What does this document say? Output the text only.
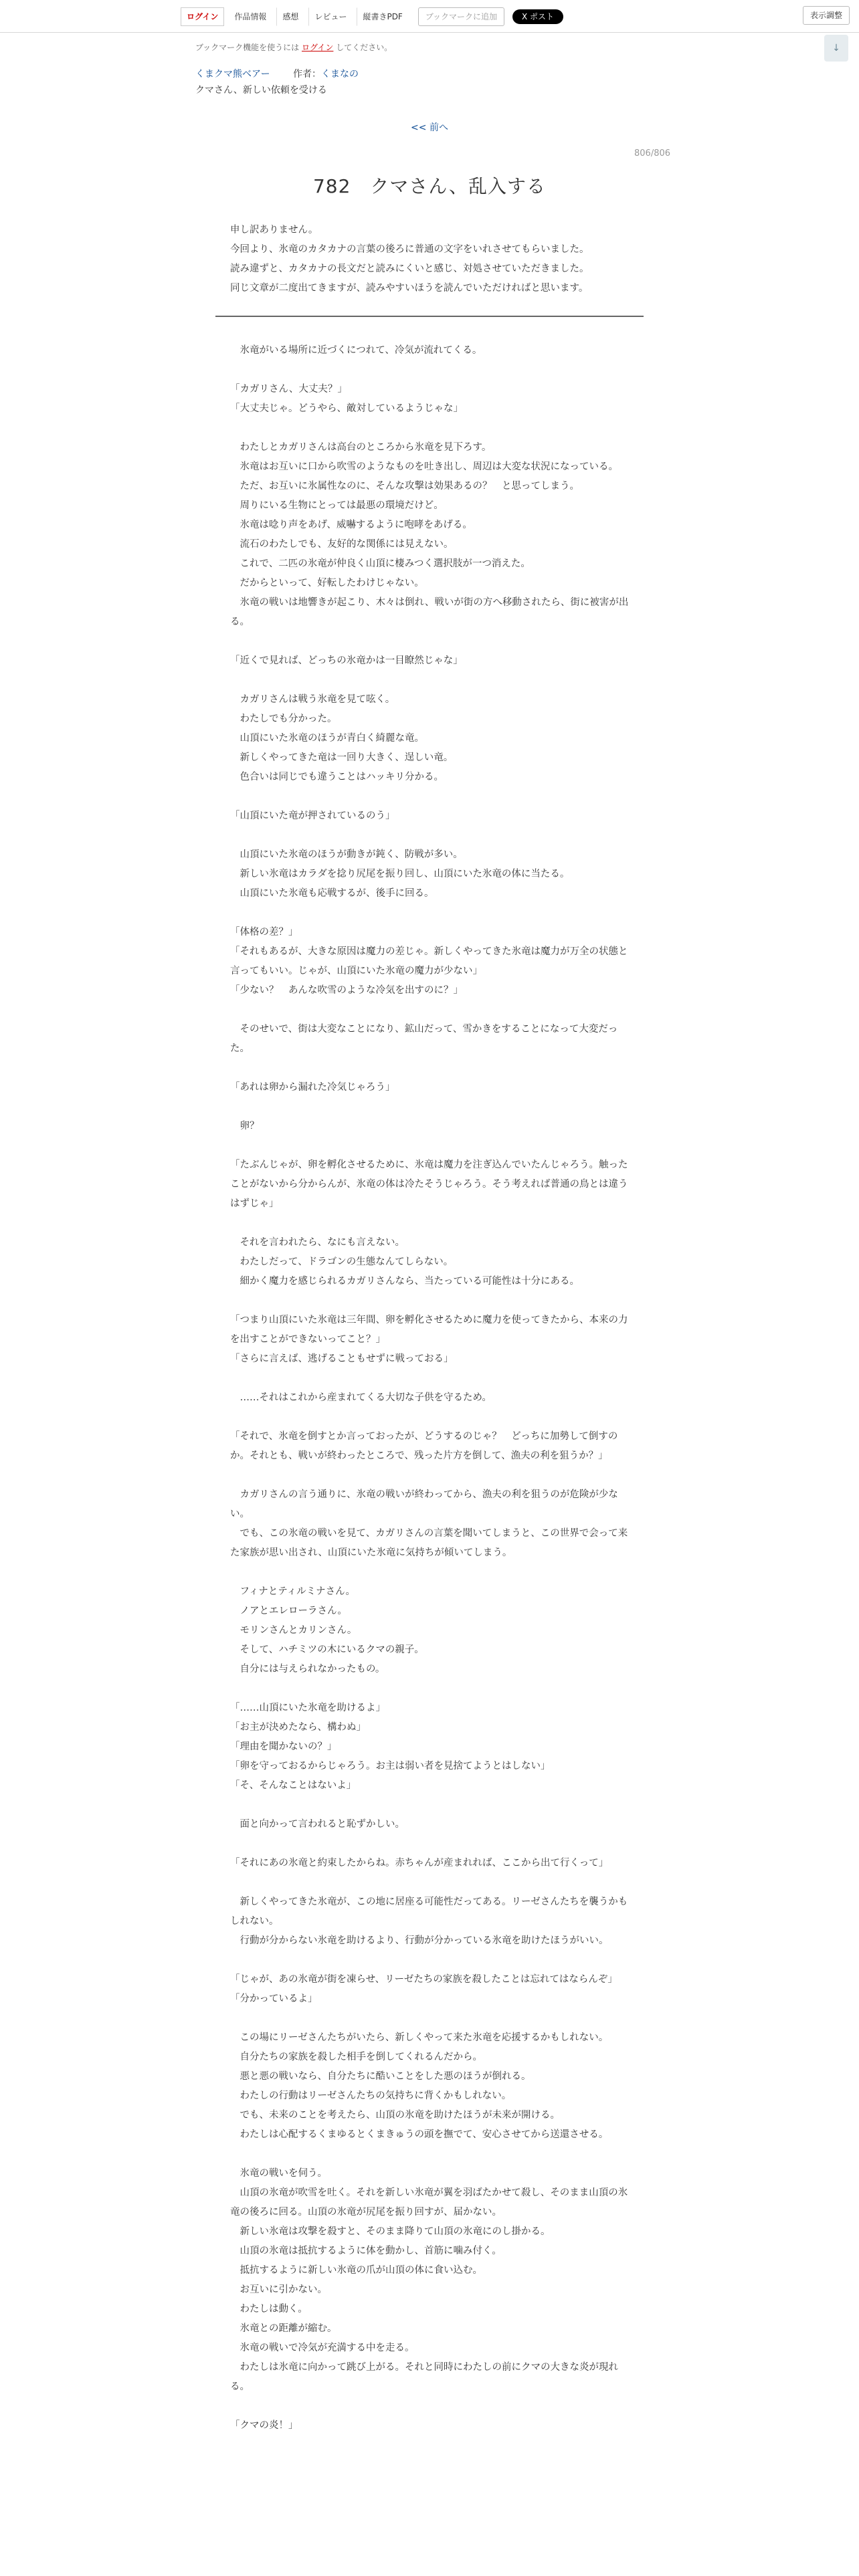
ログイン	作品情報	感想	レビュー	縦書きPDF	ブックマークに追加	X ポスト	表示調整
ブックマーク機能を使うには ログイン してください。	↓
くまクマ熊ベアー 作者：くまなの
クマさん、新しい依頼を受ける
<< 前へ
806/806
782　クマさん、乱入する
申し訳ありません。
今回より、氷竜のカタカナの言葉の後ろに普通の文字をいれさせてもらいました。
読み違ずと、カタカナの長文だと読みにくいと感じ、対処させていただきました。
同じ文章が二度出てきますが、読みやすいほうを読んでいただければと思います。

　氷竜がいる場所に近づくにつれて、冷気が流れてくる。

「カガリさん、大丈夫？」

「大丈夫じゃ。どうやら、敵対しているようじゃな」

　わたしとカガリさんは高台のところから氷竜を見下ろす。

　氷竜はお互いに口から吹雪のようなものを吐き出し、周辺は大変な状況になっている。

　ただ、お互いに氷属性なのに、そんな攻撃は効果あるの？　と思ってしまう。

　周りにいる生物にとっては最悪の環境だけど。

　氷竜は唸り声をあげ、威嚇するように咆哮をあげる。

　流石のわたしでも、友好的な関係には見えない。

　これで、二匹の氷竜が仲良く山頂に棲みつく選択肢が一つ消えた。

　だからといって、好転したわけじゃない。

　氷竜の戦いは地響きが起こり、木々は倒れ、戦いが街の方へ移動されたら、街に被害が出る。

「近くで見れば、どっちの氷竜かは一目瞭然じゃな」

　カガリさんは戦う氷竜を見て呟く。

　わたしでも分かった。

　山頂にいた氷竜のほうが青白く綺麗な竜。

　新しくやってきた竜は一回り大きく、逞しい竜。

　色合いは同じでも違うことはハッキリ分かる。

「山頂にいた竜が押されているのう」

　山頂にいた氷竜のほうが動きが鈍く、防戦が多い。

　新しい氷竜はカラダを捻り尻尾を振り回し、山頂にいた氷竜の体に当たる。

　山頂にいた氷竜も応戦するが、後手に回る。

「体格の差？」

「それもあるが、大きな原因は魔力の差じゃ。新しくやってきた氷竜は魔力が万全の状態と言ってもいい。じゃが、山頂にいた氷竜の魔力が少ない」

「少ない？　あんな吹雪のような冷気を出すのに？」

　そのせいで、街は大変なことになり、鉱山だって、雪かきをすることになって大変だった。

「あれは卵から漏れた冷気じゃろう」

　卵？

「たぶんじゃが、卵を孵化させるために、氷竜は魔力を注ぎ込んでいたんじゃろう。触ったことがないから分からんが、氷竜の体は冷たそうじゃろう。そう考えれば普通の鳥とは違うはずじゃ」

　それを言われたら、なにも言えない。

　わたしだって、ドラゴンの生態なんてしらない。

　細かく魔力を感じられるカガリさんなら、当たっている可能性は十分にある。

「つまり山頂にいた氷竜は三年間、卵を孵化させるために魔力を使ってきたから、本来の力を出すことができないってこと？」

「さらに言えば、逃げることもせずに戦っておる」

　……それはこれから産まれてくる大切な子供を守るため。

「それで、氷竜を倒すとか言っておったが、どうするのじゃ？　どっちに加勢して倒すのか。それとも、戦いが終わったところで、残った片方を倒して、漁夫の利を狙うか？」

　カガリさんの言う通りに、氷竜の戦いが終わってから、漁夫の利を狙うのが危険が少ない。

　でも、この氷竜の戦いを見て、カガリさんの言葉を聞いてしまうと、この世界で会って来た家族が思い出され、山頂にいた氷竜に気持ちが傾いてしまう。

　フィナとティルミナさん。

　ノアとエレローラさん。

　モリンさんとカリンさん。

　そして、ハチミツの木にいるクマの親子。

　自分には与えられなかったもの。

「……山頂にいた氷竜を助けるよ」

「お主が決めたなら、構わぬ」

「理由を聞かないの？」

「卵を守っておるからじゃろう。お主は弱い者を見捨てようとはしない」

「そ、そんなことはないよ」

　面と向かって言われると恥ずかしい。

「それにあの氷竜と約束したからね。赤ちゃんが産まれれば、ここから出て行くって」

　新しくやってきた氷竜が、この地に居座る可能性だってある。リーゼさんたちを襲うかもしれない。

　行動が分からない氷竜を助けるより、行動が分かっている氷竜を助けたほうがいい。

「じゃが、あの氷竜が街を凍らせ、リーゼたちの家族を殺したことは忘れてはならんぞ」

「分かっているよ」

　この場にリーゼさんたちがいたら、新しくやって来た氷竜を応援するかもしれない。

　自分たちの家族を殺した相手を倒してくれるんだから。

　悪と悪の戦いなら、自分たちに酷いことをした悪のほうが倒れる。

　わたしの行動はリーゼさんたちの気持ちに背くかもしれない。

　でも、未来のことを考えたら、山頂の氷竜を助けたほうが未来が開ける。

　わたしは心配するくまゆるとくまきゅうの頭を撫でて、安心させてから送還させる。

　氷竜の戦いを伺う。

　山頂の氷竜が吹雪を吐く。それを新しい氷竜が翼を羽ばたかせて殺し、そのまま山頂の氷竜の後ろに回る。山頂の氷竜が尻尾を振り回すが、届かない。

　新しい氷竜は攻撃を殺すと、そのまま降りて山頂の氷竜にのし掛かる。

　山頂の氷竜は抵抗するように体を動かし、首筋に噛み付く。

　抵抗するように新しい氷竜の爪が山頂の体に食い込む。

　お互いに引かない。

　わたしは動く。

　氷竜との距離が縮む。

　氷竜の戦いで冷気が充満する中を走る。

　わたしは氷竜に向かって跳び上がる。それと同時にわたしの前にクマの大きな炎が現れる。

「クマの炎！」
